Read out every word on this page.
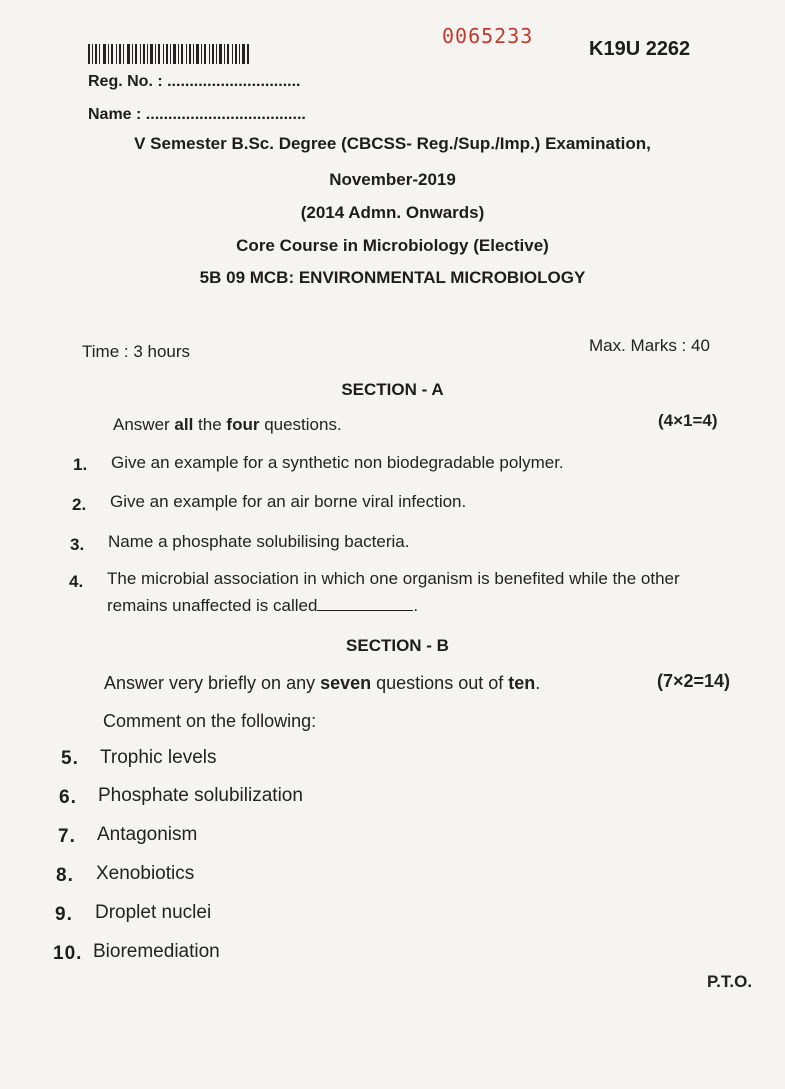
0065233
K19U 2262
Reg. No. : ..............................
Name : ....................................
V Semester B.Sc. Degree (CBCSS- Reg./Sup./Imp.) Examination,
November-2019
(2014 Admn. Onwards)
Core Course in Microbiology (Elective)
5B 09 MCB: ENVIRONMENTAL MICROBIOLOGY
Time : 3 hours	Max. Marks : 40
SECTION - A
Answer all the four questions.	(4×1=4)
1. Give an example for a synthetic non biodegradable polymer.
2. Give an example for an air borne viral infection.
3. Name a phosphate solubilising bacteria.
4. The microbial association in which one organism is benefited while the other
remains unaffected is called	.
SECTION - B
Answer very briefly on any seven questions out of ten.	(7×2=14)
Comment on the following:
5. Trophic levels
6. Phosphate solubilization
7. Antagonism
8. Xenobiotics
9. Droplet nuclei
10. Bioremediation
P.T.O.
